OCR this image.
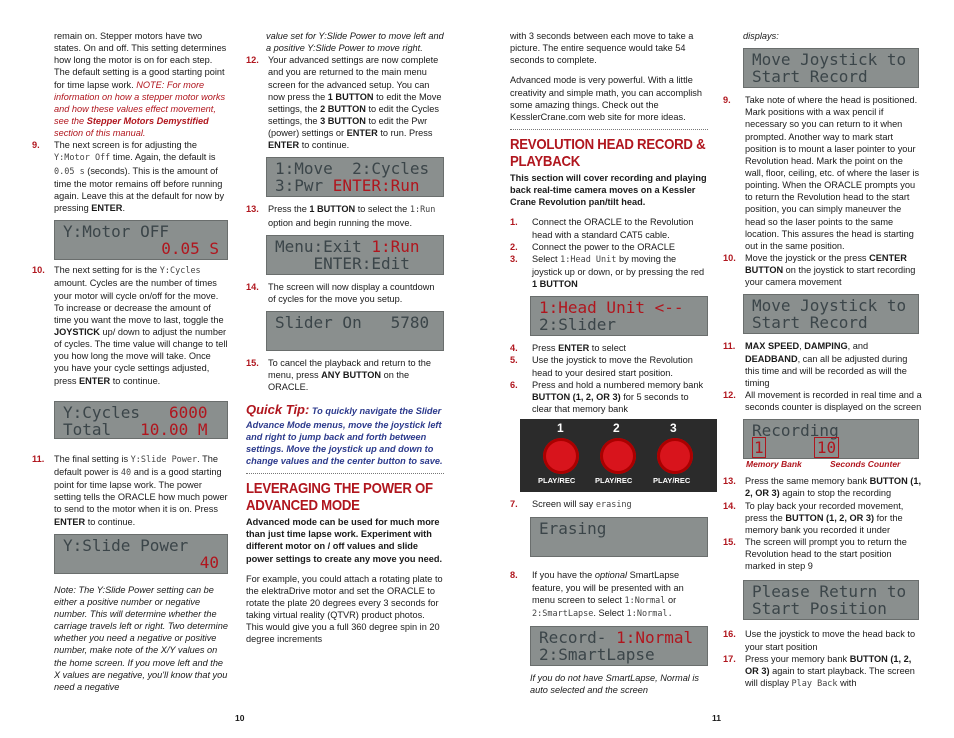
remain on. Stepper motors have two states. On and off. This setting determines how long the motor is on for each step. The default setting is a good starting point for time lapse work. NOTE: For more information on how a stepper motor works and how these values effect movement, see the Stepper Motors Demystified section of this manual.

9.	The next screen is for adjusting the Y:Motor Off time. Again, the default is 0.05 s (seconds). This is the amount of time the motor remains off before running again. Leave this at the default for now by pressing ENTER.
Y:Motor OFF

0.05 S
10.	The next setting for is the Y:Cycles amount. Cycles are the number of times your motor will cycle on/off for the move. To increase or decrease the amount of time you want the move to last, toggle the JOYSTICK up/ down to adjust the number of cycles. The time value will change to tell you how long the move will take. Once you have your cycle settings adjusted, press ENTER to continue.
Y:Cycles 6000
Total 10.00 M
11.	The final setting is Y:Slide Power. The default power is 40 and is a good starting point for time lapse work. The power setting tells the ORACLE how much power to send to the motor when it is on. Press ENTER to continue.
Y:Slide Power

40

Note: The Y:Slide Power setting can be either a positive number or negative number. This will determine whether the carriage travels left or right. Two determine whether you need a negative or positive number, make note of the X/Y values on the home screen. If you move left and the X values are negative, you'll know that you need a negative

10

value set for Y:Slide Power to move left and a positive Y:Slide Power to move right.

12.	Your advanced settings are now complete and you are returned to the main menu screen for the advanced setup. You can now press the 1 BUTTON to edit the Move settings, the 2 BUTTON to edit the Cycles settings, the 3 BUTTON to edit the Pwr (power) settings or ENTER to run. Press ENTER to continue.
1:Move  2:Cycles
3:Pwr ENTER:Run
13.	Press the 1 BUTTON to select the 1:Run option and begin running the move.
Menu:Exit 1:Run
ENTER:Edit
14.	The screen will now display a countdown of cycles for the move you setup.
Slider On   5780
15.	To cancel the playback and return to the menu, press ANY BUTTON on the ORACLE.

Quick Tip: To quickly navigate the Slider Advance Mode menus, move the joystick left and right to jump back and forth between settings. Move the joystick up and down to change values and the center button to save.

LEVERAGING THE POWER OF ADVANCED MODE

Advanced mode can be used for much more than just time lapse work. Experiment with different motor on / off values and slide power settings to create any move you need.

For example, you could attach a rotating plate to the elektraDrive motor and set the ORACLE to rotate the plate 20 degrees every 3 seconds for taking virtual reality (QTVR) product photos. This would give you a full 360 degree spin in 20 degree increments

with 3 seconds between each move to take a picture. The entire sequence would take 54 seconds to complete.

Advanced mode is very powerful. With a little creativity and simple math, you can accomplish some amazing things. Check out the KesslerCrane.com web site for more ideas.

REVOLUTION HEAD RECORD & PLAYBACK

This section will cover recording and playing back real-time camera moves on a Kessler Crane Revolution pan/tilt head.

1.	Connect the ORACLE to the Revolution head with a standard CAT5 cable.
2.	Connect the power to the ORACLE
3.	Select 1:Head Unit by moving the joystick up or down, or by pressing the red 1 BUTTON
1:Head Unit <--
2:Slider
4.	Press ENTER to select
5.	Use the joystick to move the Revolution head to your desired start position.
6.	Press and hold a numbered memory bank BUTTON (1, 2, OR 3) for 5 seconds to clear that memory bank
1	2	3
PLAY/REC	PLAY/REC	PLAY/REC
7.	Screen will say erasing
Erasing
8.	If you have the optional SmartLapse feature, you will be presented with an menu screen to select 1:Normal or 2:SmartLapse. Select 1:Normal.
Record- 1:Normal
2:SmartLapse

If you do not have SmartLapse, Normal is auto selected and the screen

11

displays:

Move Joystick to
Start Record
9.	Take note of where the head is positioned. Mark positions with a wax pencil if necessary so you can return to it when prompted. Another way to mark start position is to mount a laser pointer to your Revolution head. Mark the point on the wall, floor, ceiling, etc. of where the laser is pointing. When the ORACLE prompts you to return the Revolution head to the start position, you can simply maneuver the head so the laser points to the same location. This assures the head is starting out in the same position.
10.	Move the joystick or the press CENTER BUTTON on the joystick to start recording your camera movement
Move Joystick to
Start Record
11.	MAX SPEED, DAMPING, and DEADBAND, can all be adjusted during this time and will be recorded as will the timing
12.	All movement is recorded in real time and a seconds counter is displayed on the screen
Recording
1	10
Memory Bank	Seconds Counter
13.	Press the same memory bank BUTTON (1, 2, OR 3) again to stop the recording
14.	To play back your recorded movement, press the BUTTON (1, 2, OR 3) for the memory bank you recorded it under
15.	The screen will prompt you to return the Revolution head to the start position marked in step 9
Please Return to
Start Position
16.	Use the joystick to move the head back to your start position
17.	Press your memory bank BUTTON (1, 2, OR 3) again to start playback. The screen will display Play Back with
